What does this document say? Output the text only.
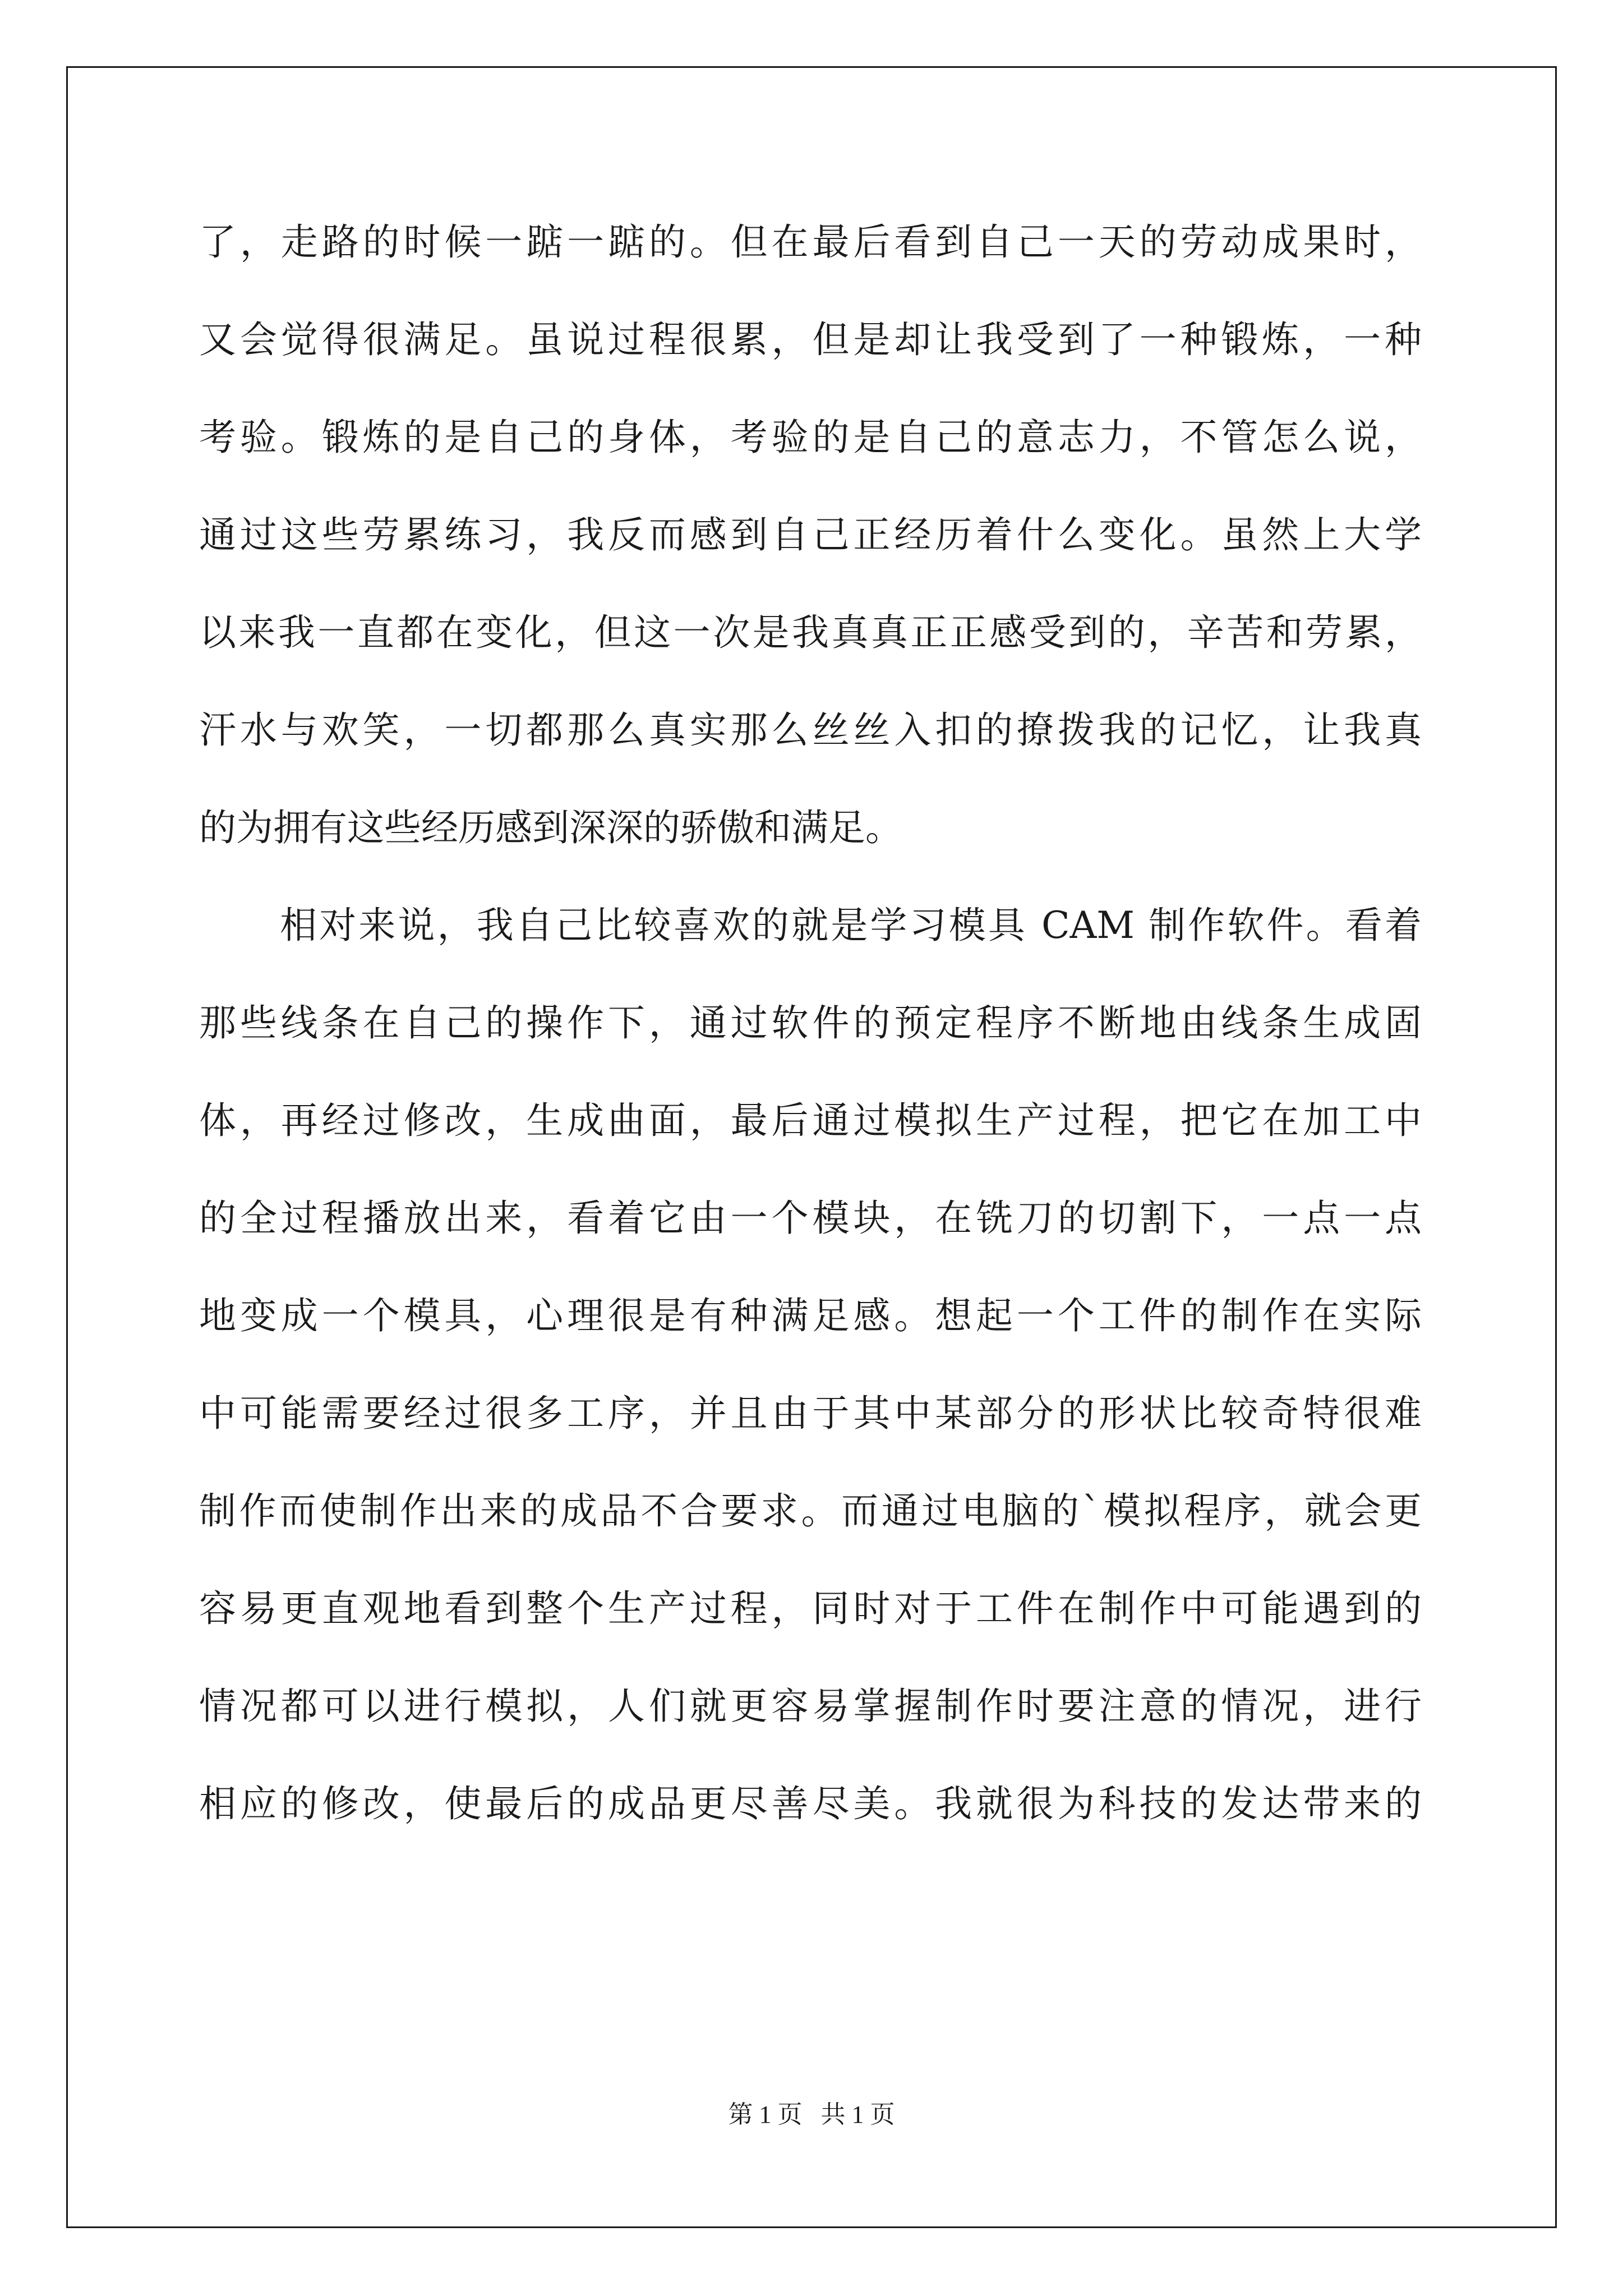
了，走路的时候一踮一踮的。但在最后看到自己一天的劳动成果时，

又会觉得很满足。虽说过程很累，但是却让我受到了一种锻炼，一种

考验。锻炼的是自己的身体，考验的是自己的意志力，不管怎么说，

通过这些劳累练习，我反而感到自己正经历着什么变化。虽然上大学

以来我一直都在变化，但这一次是我真真正正感受到的，辛苦和劳累，

汗水与欢笑，一切都那么真实那么丝丝入扣的撩拨我的记忆，让我真

的为拥有这些经历感到深深的骄傲和满足。

相对来说，我自己比较喜欢的就是学习模具 CAM 制作软件。看着

那些线条在自己的操作下，通过软件的预定程序不断地由线条生成固

体，再经过修改，生成曲面，最后通过模拟生产过程，把它在加工中

的全过程播放出来，看着它由一个模块，在铣刀的切割下，一点一点

地变成一个模具，心理很是有种满足感。想起一个工件的制作在实际

中可能需要经过很多工序，并且由于其中某部分的形状比较奇特很难

制作而使制作出来的成品不合要求。而通过电脑的`模拟程序，就会更

容易更直观地看到整个生产过程，同时对于工件在制作中可能遇到的

情况都可以进行模拟，人们就更容易掌握制作时要注意的情况，进行

相应的修改，使最后的成品更尽善尽美。我就很为科技的发达带来的

第 1 页   共 1 页
